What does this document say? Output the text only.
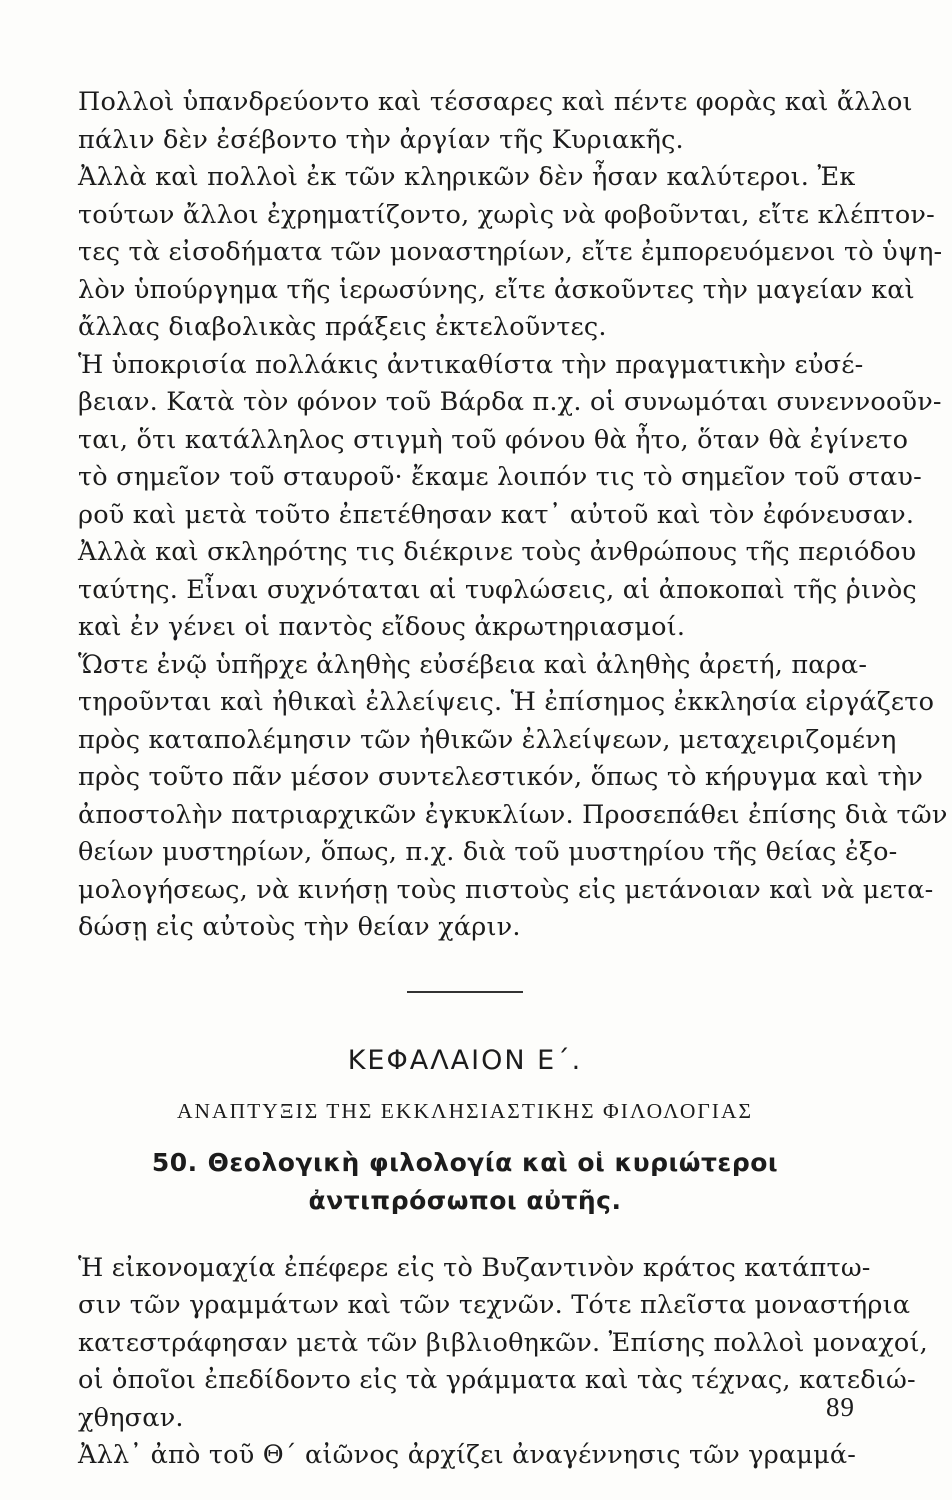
Πολλοὶ ὑπανδρεύοντο καὶ τέσσαρες καὶ πέντε φορὰς καὶ ἄλλοι
πάλιν δὲν ἐσέβοντο τὴν ἀργίαν τῆς Κυριακῆς.

Ἀλλὰ καὶ πολλοὶ ἐκ τῶν κληρικῶν δὲν ἦσαν καλύτεροι. Ἐκ
τούτων ἄλλοι ἐχρηματίζοντο, χωρὶς νὰ φοβοῦνται, εἴτε κλέπτον-
τες τὰ εἰσοδήματα τῶν μοναστηρίων, εἴτε ἐμπορευόμενοι τὸ ὑψη-
λὸν ὑπούργημα τῆς ἱερωσύνης, εἴτε ἀσκοῦντες τὴν μαγείαν καὶ
ἄλλας διαβολικὰς πράξεις ἐκτελοῦντες.

Ἡ ὑποκρισία πολλάκις ἀντικαθίστα τὴν πραγματικὴν εὐσέ-
βειαν. Κατὰ τὸν φόνον τοῦ Βάρδα π.χ. οἱ συνωμόται συνεννοοῦν-
ται, ὅτι κατάλληλος στιγμὴ τοῦ φόνου θὰ ἦτο, ὅταν θὰ ἐγίνετο
τὸ σημεῖον τοῦ σταυροῦ· ἔκαμε λοιπόν τις τὸ σημεῖον τοῦ σταυ-
ροῦ καὶ μετὰ τοῦτο ἐπετέθησαν κατ᾽ αὐτοῦ καὶ τὸν ἐφόνευσαν.

Ἀλλὰ καὶ σκληρότης τις διέκρινε τοὺς ἀνθρώπους τῆς περιόδου
ταύτης. Εἶναι συχνόταται αἱ τυφλώσεις, αἱ ἀποκοπαὶ τῆς ῥινὸς
καὶ ἐν γένει οἱ παντὸς εἴδους ἀκρωτηριασμοί.

Ὥστε ἐνῷ ὑπῆρχε ἀληθὴς εὐσέβεια καὶ ἀληθὴς ἀρετή, παρα-
τηροῦνται καὶ ἠθικαὶ ἐλλείψεις. Ἡ ἐπίσημος ἐκκλησία εἰργάζετο
πρὸς καταπολέμησιν τῶν ἠθικῶν ἐλλείψεων, μεταχειριζομένη
πρὸς τοῦτο πᾶν μέσον συντελεστικόν, ὅπως τὸ κήρυγμα καὶ τὴν
ἀποστολὴν πατριαρχικῶν ἐγκυκλίων. Προσεπάθει ἐπίσης διὰ τῶν
θείων μυστηρίων, ὅπως, π.χ. διὰ τοῦ μυστηρίου τῆς θείας ἐξο-
μολογήσεως, νὰ κινήσῃ τοὺς πιστοὺς εἰς μετάνοιαν καὶ νὰ μετα-
δώσῃ εἰς αὐτοὺς τὴν θείαν χάριν.

ΚΕΦΑΛΑΙΟΝ Ε΄.
ΑΝΑΠΤΥΞΙΣ ΤΗΣ ΕΚΚΛΗΣΙΑΣΤΙΚΗΣ ΦΙΛΟΛΟΓΙΑΣ
50. Θεολογικὴ φιλολογία καὶ οἱ κυριώτεροι
ἀντιπρόσωποι αὐτῆς.

Ἡ εἰκονομαχία ἐπέφερε εἰς τὸ Βυζαντινὸν κράτος κατάπτω-
σιν τῶν γραμμάτων καὶ τῶν τεχνῶν. Τότε πλεῖστα μοναστήρια
κατεστράφησαν μετὰ τῶν βιβλιοθηκῶν. Ἐπίσης πολλοὶ μοναχοί,
οἱ ὁποῖοι ἐπεδίδοντο εἰς τὰ γράμματα καὶ τὰς τέχνας, κατεδιώ-
χθησαν.

Ἀλλ᾽ ἀπὸ τοῦ Θ΄ αἰῶνος ἀρχίζει ἀναγέννησις τῶν γραμμά-

89
